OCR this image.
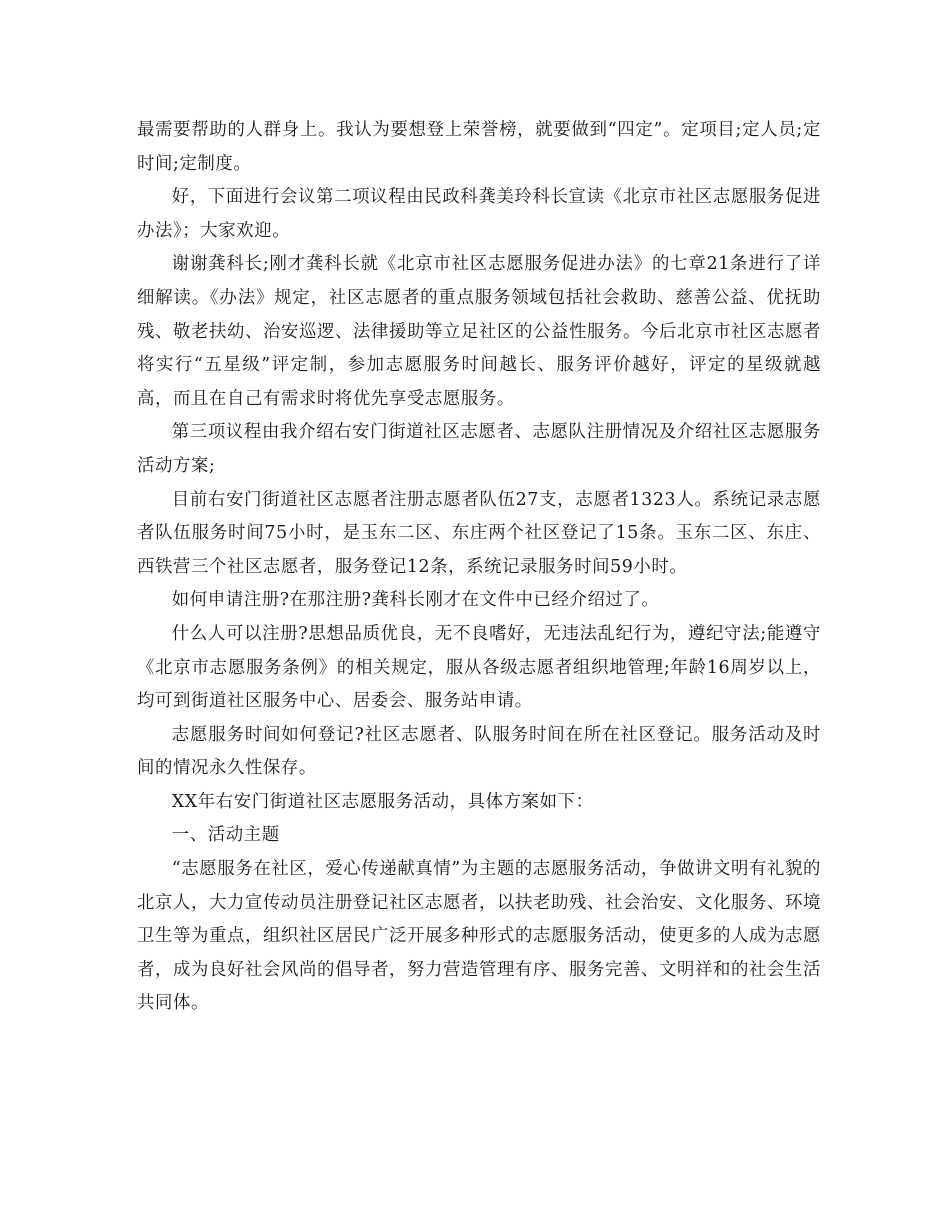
最需要帮助的人群身上。我认为要想登上荣誉榜，就要做到“四定”。定项目;定人员;定时间;定制度。

好，下面进行会议第二项议程由民政科龚美玲科长宣读《北京市社区志愿服务促进办法》；大家欢迎。

谢谢龚科长;刚才龚科长就《北京市社区志愿服务促进办法》的七章21条进行了详细解读。《办法》规定，社区志愿者的重点服务领域包括社会救助、慈善公益、优抚助残、敬老扶幼、治安巡逻、法律援助等立足社区的公益性服务。今后北京市社区志愿者将实行“五星级”评定制，参加志愿服务时间越长、服务评价越好，评定的星级就越高，而且在自己有需求时将优先享受志愿服务。

第三项议程由我介绍右安门街道社区志愿者、志愿队注册情况及介绍社区志愿服务活动方案;

目前右安门街道社区志愿者注册志愿者队伍27支，志愿者1323人。系统记录志愿者队伍服务时间75小时，是玉东二区、东庄两个社区登记了15条。玉东二区、东庄、西铁营三个社区志愿者，服务登记12条，系统记录服务时间59小时。

如何申请注册?在那注册?龚科长刚才在文件中已经介绍过了。

什么人可以注册?思想品质优良，无不良嗜好，无违法乱纪行为，遵纪守法;能遵守《北京市志愿服务条例》的相关规定，服从各级志愿者组织地管理;年龄16周岁以上，均可到街道社区服务中心、居委会、服务站申请。

志愿服务时间如何登记?社区志愿者、队服务时间在所在社区登记。服务活动及时间的情况永久性保存。

XX年右安门街道社区志愿服务活动，具体方案如下：

一、活动主题

“志愿服务在社区，爱心传递献真情”为主题的志愿服务活动，争做讲文明有礼貌的北京人，大力宣传动员注册登记社区志愿者，以扶老助残、社会治安、文化服务、环境卫生等为重点，组织社区居民广泛开展多种形式的志愿服务活动，使更多的人成为志愿者，成为良好社会风尚的倡导者，努力营造管理有序、服务完善、文明祥和的社会生活共同体。
